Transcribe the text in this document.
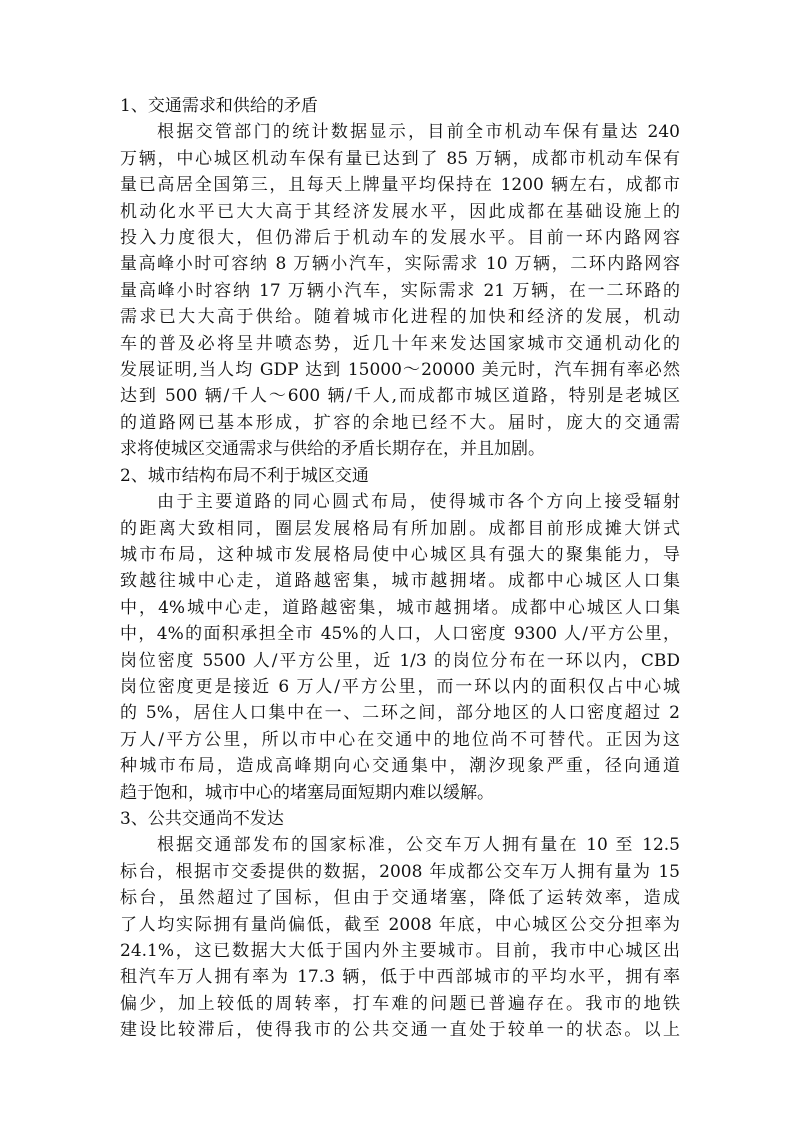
1、交通需求和供给的矛盾
根据交管部门的统计数据显示，目前全市机动车保有量达 240
万辆，中心城区机动车保有量已达到了 85 万辆，成都市机动车保有
量已高居全国第三，且每天上牌量平均保持在 1200 辆左右，成都市
机动化水平已大大高于其经济发展水平，因此成都在基础设施上的
投入力度很大，但仍滞后于机动车的发展水平。目前一环内路网容
量高峰小时可容纳 8 万辆小汽车，实际需求 10 万辆，二环内路网容
量高峰小时容纳 17 万辆小汽车，实际需求 21 万辆，在一二环路的
需求已大大高于供给。随着城市化进程的加快和经济的发展，机动
车的普及必将呈井喷态势，近几十年来发达国家城市交通机动化的
发展证明,当人均 GDP 达到 15000～20000 美元时，汽车拥有率必然
达到 500 辆/千人～600 辆/千人,而成都市城区道路，特别是老城区
的道路网已基本形成，扩容的余地已经不大。届时，庞大的交通需
求将使城区交通需求与供给的矛盾长期存在，并且加剧。
2、城市结构布局不利于城区交通
由于主要道路的同心圆式布局，使得城市各个方向上接受辐射
的距离大致相同，圈层发展格局有所加剧。成都目前形成摊大饼式
城市布局，这种城市发展格局使中心城区具有强大的聚集能力，导
致越往城中心走，道路越密集，城市越拥堵。成都中心城区人口集
中，4%城中心走，道路越密集，城市越拥堵。成都中心城区人口集
中，4%的面积承担全市 45%的人口，人口密度 9300 人/平方公里，
岗位密度 5500 人/平方公里，近 1/3 的岗位分布在一环以内，CBD
岗位密度更是接近 6 万人/平方公里，而一环以内的面积仅占中心城
的 5%，居住人口集中在一、二环之间，部分地区的人口密度超过 2
万人/平方公里，所以市中心在交通中的地位尚不可替代。正因为这
种城市布局，造成高峰期向心交通集中，潮汐现象严重，径向通道
趋于饱和，城市中心的堵塞局面短期内难以缓解。
3、公共交通尚不发达
根据交通部发布的国家标准，公交车万人拥有量在 10 至 12.5
标台，根据市交委提供的数据，2008 年成都公交车万人拥有量为 15
标台，虽然超过了国标，但由于交通堵塞，降低了运转效率，造成
了人均实际拥有量尚偏低，截至 2008 年底，中心城区公交分担率为
24.1%，这已数据大大低于国内外主要城市。目前，我市中心城区出
租汽车万人拥有率为 17.3 辆，低于中西部城市的平均水平，拥有率
偏少，加上较低的周转率，打车难的问题已普遍存在。我市的地铁
建设比较滞后，使得我市的公共交通一直处于较单一的状态。以上
